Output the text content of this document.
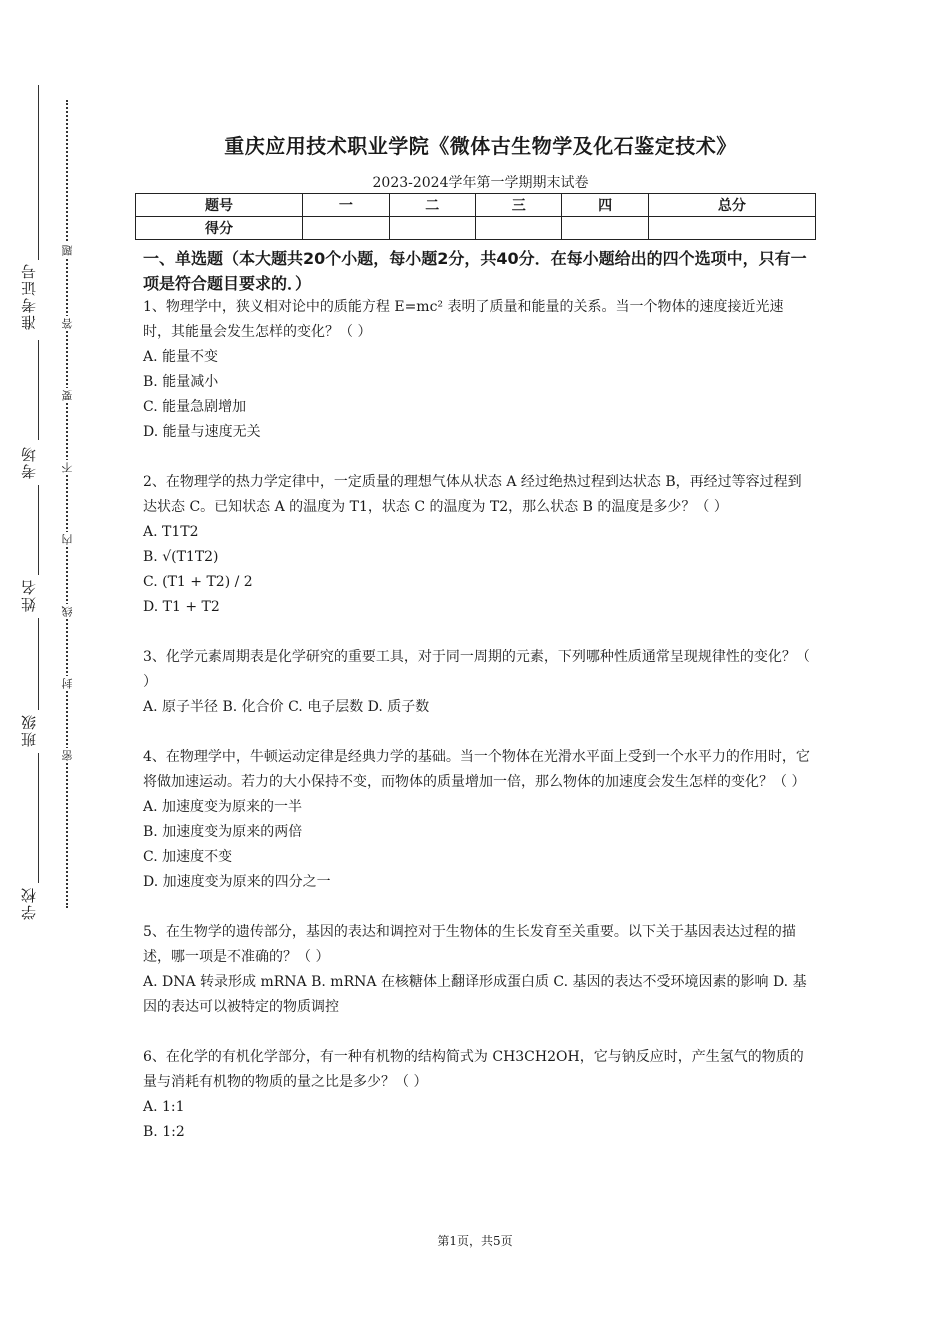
准考证号
考场
姓名
班级
学校
题
答
要
不
内
线
封
密
重庆应用技术职业学院《微体古生物学及化石鉴定技术》
2023-2024学年第一学期期末试卷
题号	一	二	三	四	总分
得分					
一、单选题（本大题共20个小题，每小题2分，共40分．在每小题给出的四个选项中，只有一项是符合题目要求的．）

1、物理学中，狭义相对论中的质能方程 E=mc² 表明了质量和能量的关系。当一个物体的速度接近光速时，其能量会发生怎样的变化？（ ）

A. 能量不变

B. 能量减小

C. 能量急剧增加

D. 能量与速度无关

2、在物理学的热力学定律中，一定质量的理想气体从状态 A 经过绝热过程到达状态 B，再经过等容过程到达状态 C。已知状态 A 的温度为 T1，状态 C 的温度为 T2，那么状态 B 的温度是多少？（ ）

A. T1T2

B. √(T1T2)

C. (T1 + T2) / 2

D. T1 + T2

3、化学元素周期表是化学研究的重要工具，对于同一周期的元素，下列哪种性质通常呈现规律性的变化？（ ）

A. 原子半径 B. 化合价 C. 电子层数 D. 质子数

4、在物理学中，牛顿运动定律是经典力学的基础。当一个物体在光滑水平面上受到一个水平力的作用时，它将做加速运动。若力的大小保持不变，而物体的质量增加一倍，那么物体的加速度会发生怎样的变化？（ ）

A. 加速度变为原来的一半

B. 加速度变为原来的两倍

C. 加速度不变

D. 加速度变为原来的四分之一

5、在生物学的遗传部分，基因的表达和调控对于生物体的生长发育至关重要。以下关于基因表达过程的描述，哪一项是不准确的？（ ）

A. DNA 转录形成 mRNA B. mRNA 在核糖体上翻译形成蛋白质 C. 基因的表达不受环境因素的影响 D. 基因的表达可以被特定的物质调控

6、在化学的有机化学部分，有一种有机物的结构简式为 CH3CH2OH，它与钠反应时，产生氢气的物质的量与消耗有机物的物质的量之比是多少？（ ）

A. 1:1

B. 1:2

第1页，共5页
